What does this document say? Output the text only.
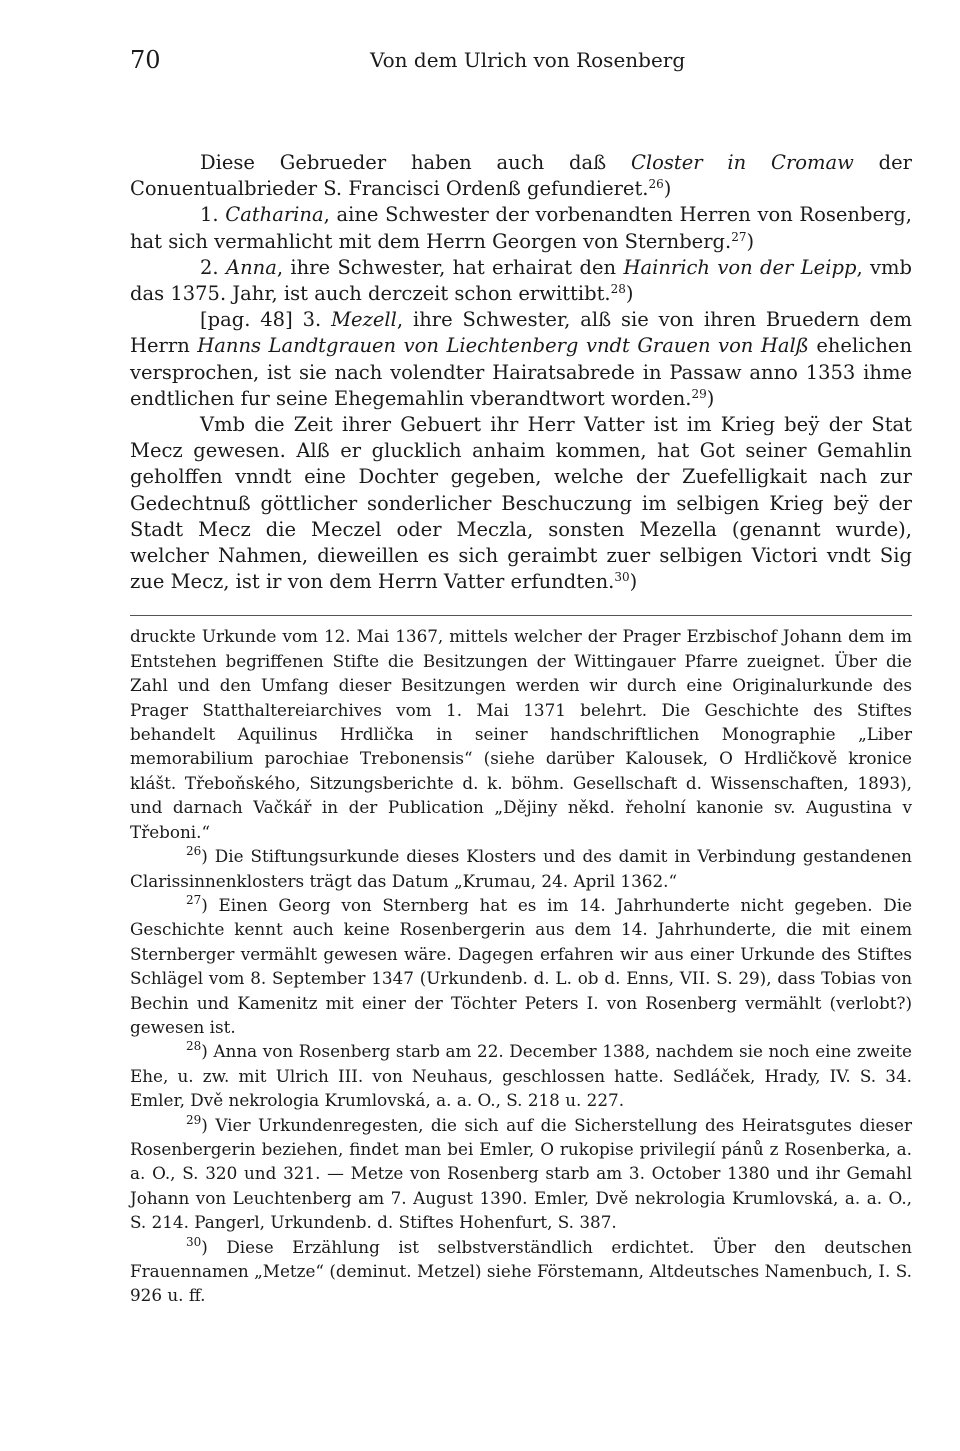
70	Von dem Ulrich von Rosenberg

Diese Gebrueder haben auch daß Closter in Cromaw der Conuentualbrieder S. Francisci Ordenß gefundieret.$^{26}$)

1. Catharina, aine Schwester der vorbenandten Herren von Rosenberg, hat sich vermahlicht mit dem Herrn Georgen von Sternberg.$^{27}$)

2. Anna, ihre Schwester, hat erhairat den Hainrich von der Leipp, vmb das 1375. Jahr, ist auch derczeit schon erwittibt.$^{28}$)

[pag. 48] 3. Mezell, ihre Schwester, alß sie von ihren Bruedern dem Herrn Hanns Landtgrauen von Liechtenberg vndt Grauen von Halß ehelichen versprochen, ist sie nach volendter Hairatsabrede in Passaw anno 1353 ihme endtlichen fur seine Ehegemahlin vberandtwort worden.$^{29}$)

Vmb die Zeit ihrer Gebuert ihr Herr Vatter ist im Krieg beӱ der Stat Mecz gewesen. Alß er glucklich anhaim kommen, hat Got seiner Gemahlin geholffen vnndt eine Dochter gegeben, welche der Zuefelligkait nach zur Gedechtnuß göttlicher sonderlicher Beschuczung im selbigen Krieg beӱ der Stadt Mecz die Meczel oder Meczla, sonsten Mezella (genannt wurde), welcher Nahmen, dieweillen es sich geraimbt zuer selbigen Victori vndt Sig zue Mecz, ist ir von dem Herrn Vatter erfundten.$^{30}$)

druckte Urkunde vom 12. Mai 1367, mittels welcher der Prager Erzbischof Johann dem im Entstehen begriffenen Stifte die Besitzungen der Wittingauer Pfarre zueignet. Über die Zahl und den Umfang dieser Besitzungen werden wir durch eine Originalurkunde des Prager Statthaltereiarchives vom 1. Mai 1371 belehrt. Die Geschichte des Stiftes behandelt Aquilinus Hrdlička in seiner handschriftlichen Monographie „Liber memorabilium parochiae Trebonensis“ (siehe darüber Kalousek, O Hrdličkově kronice klášt. Třeboňského, Sitzungsberichte d. k. böhm. Gesellschaft d. Wissenschaften, 1893), und darnach Vačkář in der Publication „Dějiny někd. řeholní kanonie sv. Augustina v Třeboni.“

$^{26}$) Die Stiftungsurkunde dieses Klosters und des damit in Verbindung gestandenen Clarissinnenklosters trägt das Datum „Krumau, 24. April 1362.“

$^{27}$) Einen Georg von Sternberg hat es im 14. Jahrhunderte nicht gegeben. Die Geschichte kennt auch keine Rosenbergerin aus dem 14. Jahrhunderte, die mit einem Sternberger vermählt gewesen wäre. Dagegen erfahren wir aus einer Urkunde des Stiftes Schlägel vom 8. September 1347 (Urkundenb. d. L. ob d. Enns, VII. S. 29), dass Tobias von Bechin und Kamenitz mit einer der Töchter Peters I. von Rosenberg vermählt (verlobt?) gewesen ist.

$^{28}$) Anna von Rosenberg starb am 22. December 1388, nachdem sie noch eine zweite Ehe, u. zw. mit Ulrich III. von Neuhaus, geschlossen hatte. Sedláček, Hrady, IV. S. 34. Emler, Dvě nekrologia Krumlovská, a. a. O., S. 218 u. 227.

$^{29}$) Vier Urkundenregesten, die sich auf die Sicherstellung des Heiratsgutes dieser Rosenbergerin beziehen, findet man bei Emler, O rukopise privilegií pánů z Rosenberka, a. a. O., S. 320 und 321. — Metze von Rosenberg starb am 3. October 1380 und ihr Gemahl Johann von Leuchtenberg am 7. August 1390. Emler, Dvě nekrologia Krumlovská, a. a. O., S. 214. Pangerl, Urkundenb. d. Stiftes Hohenfurt, S. 387.

$^{30}$) Diese Erzählung ist selbstverständlich erdichtet. Über den deutschen Frauennamen „Metze“ (deminut. Metzel) siehe Förstemann, Altdeutsches Namenbuch, I. S. 926 u. ff.
